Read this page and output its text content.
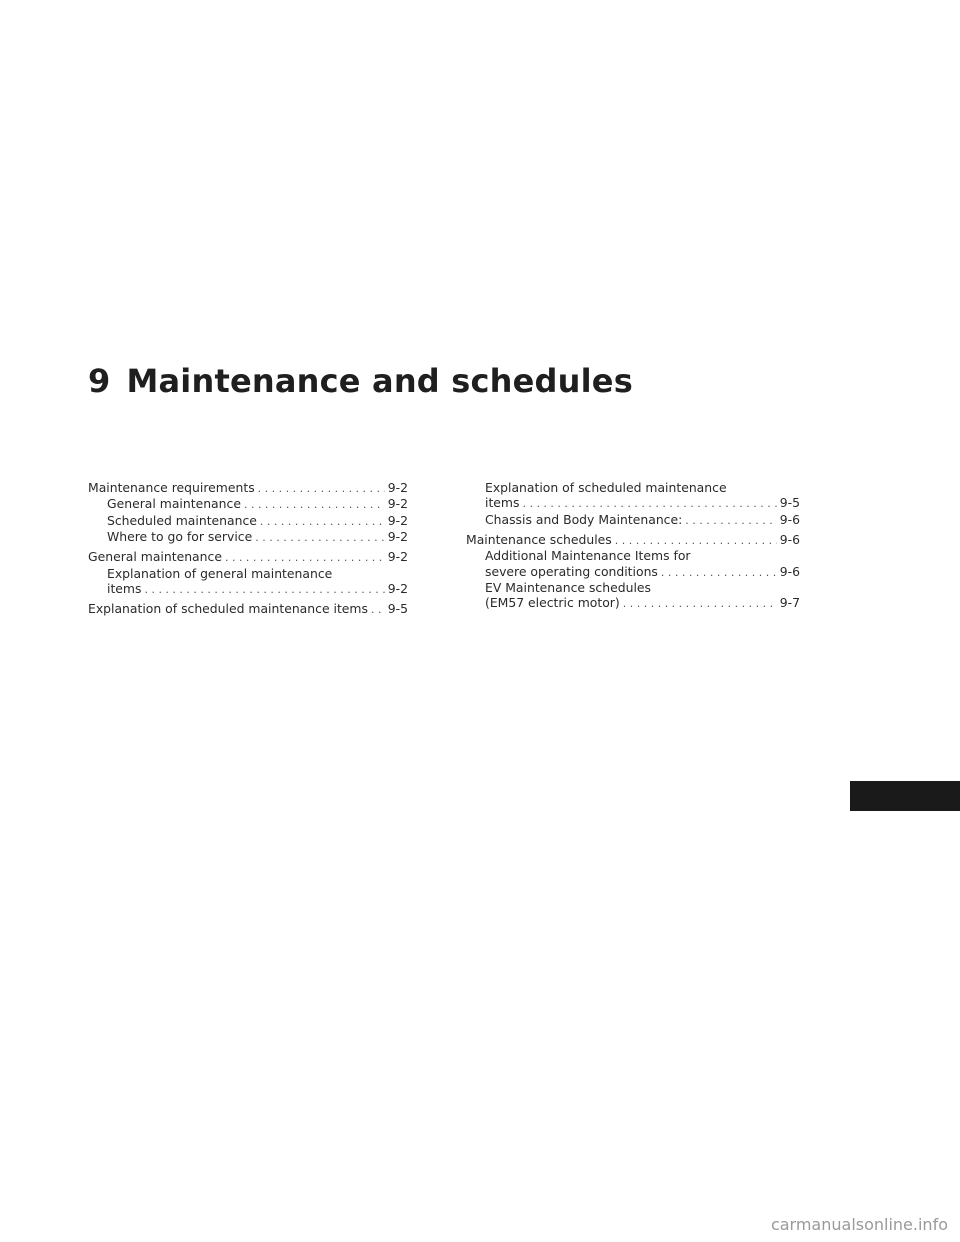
9 Maintenance and schedules
Maintenance requirements . . .	9-2
General maintenance . . .	9-2
Scheduled maintenance . . .	9-2
Where to go for service . . .	9-2
General maintenance . . .	9-2
Explanation of general maintenance
items . . .	9-2
Explanation of scheduled maintenance items . . . 9-5
Explanation of scheduled maintenance
items . . .	9-5
Chassis and Body Maintenance: . . .	9-6
Maintenance schedules . . .	9-6
Additional Maintenance Items for
severe operating conditions . . .	9-6
EV Maintenance schedules
(EM57 electric motor) . . .	9-7
carmanualsonline.info
